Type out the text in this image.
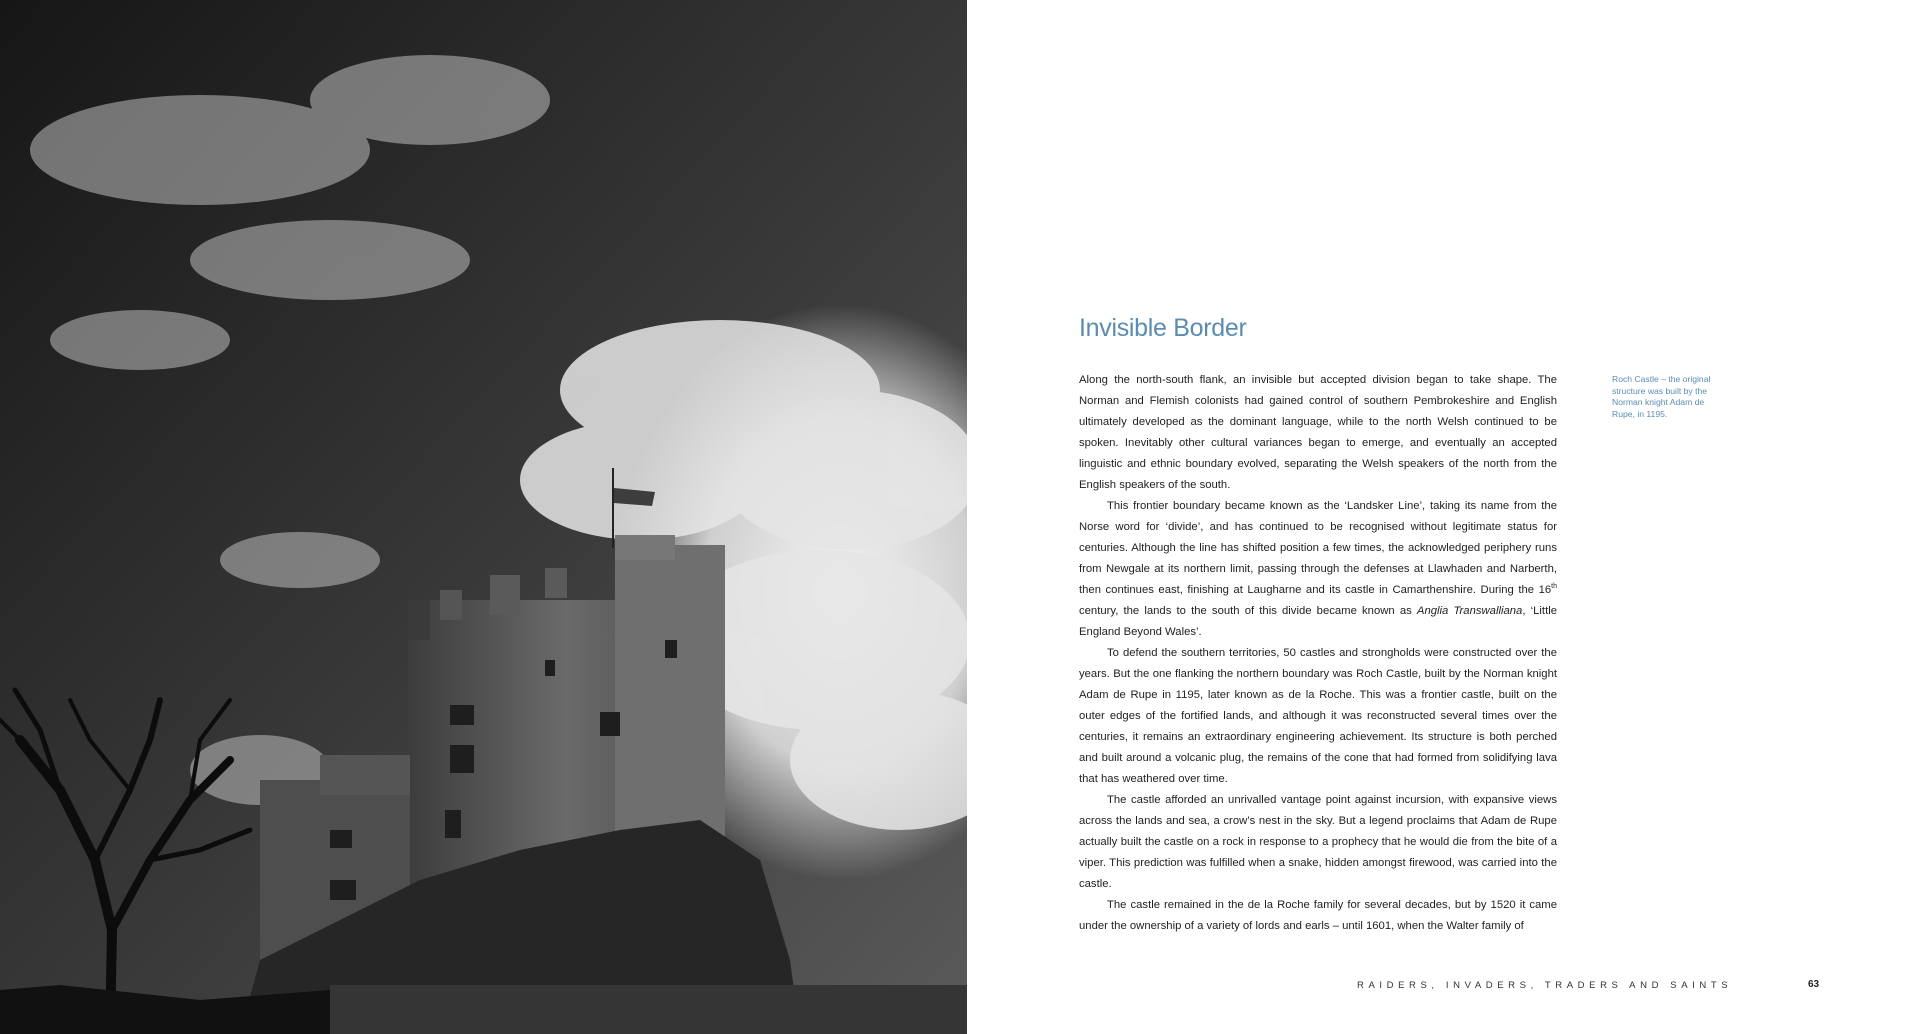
Invisible Border

Along the north-south flank, an invisible but accepted division began to take shape. The Norman and Flemish colonists had gained control of southern Pembrokeshire and English ultimately developed as the dominant language, while to the north Welsh continued to be spoken. Inevitably other cultural variances began to emerge, and eventually an accepted linguistic and ethnic boundary evolved, separating the Welsh speakers of the north from the English speakers of the south.

This frontier boundary became known as the ‘Landsker Line’, taking its name from the Norse word for ‘divide’, and has continued to be recognised without legitimate status for centuries. Although the line has shifted position a few times, the acknowledged periphery runs from Newgale at its northern limit, passing through the defenses at Llawhaden and Narberth, then continues east, finishing at Laugharne and its castle in Camarthenshire. During the 16th century, the lands to the south of this divide became known as Anglia Transwalliana, ‘Little England Beyond Wales’.

To defend the southern territories, 50 castles and strongholds were constructed over the years. But the one flanking the northern boundary was Roch Castle, built by the Norman knight Adam de Rupe in 1195, later known as de la Roche. This was a frontier castle, built on the outer edges of the fortified lands, and although it was reconstructed several times over the centuries, it remains an extraordinary engineering achievement. Its structure is both perched and built around a volcanic plug, the remains of the cone that had formed from solidifying lava that has weathered over time.

The castle afforded an unrivalled vantage point against incursion, with expansive views across the lands and sea, a crow’s nest in the sky. But a legend proclaims that Adam de Rupe actually built the castle on a rock in response to a prophecy that he would die from the bite of a viper. This prediction was fulfilled when a snake, hidden amongst firewood, was carried into the castle.

The castle remained in the de la Roche family for several decades, but by 1520 it came under the ownership of a variety of lords and earls – until 1601, when the Walter family of

Roch Castle – the original structure was built by the Norman knight Adam de Rupe, in 1195.
RAIDERS, INVADERS, TRADERS AND SAINTS	63
